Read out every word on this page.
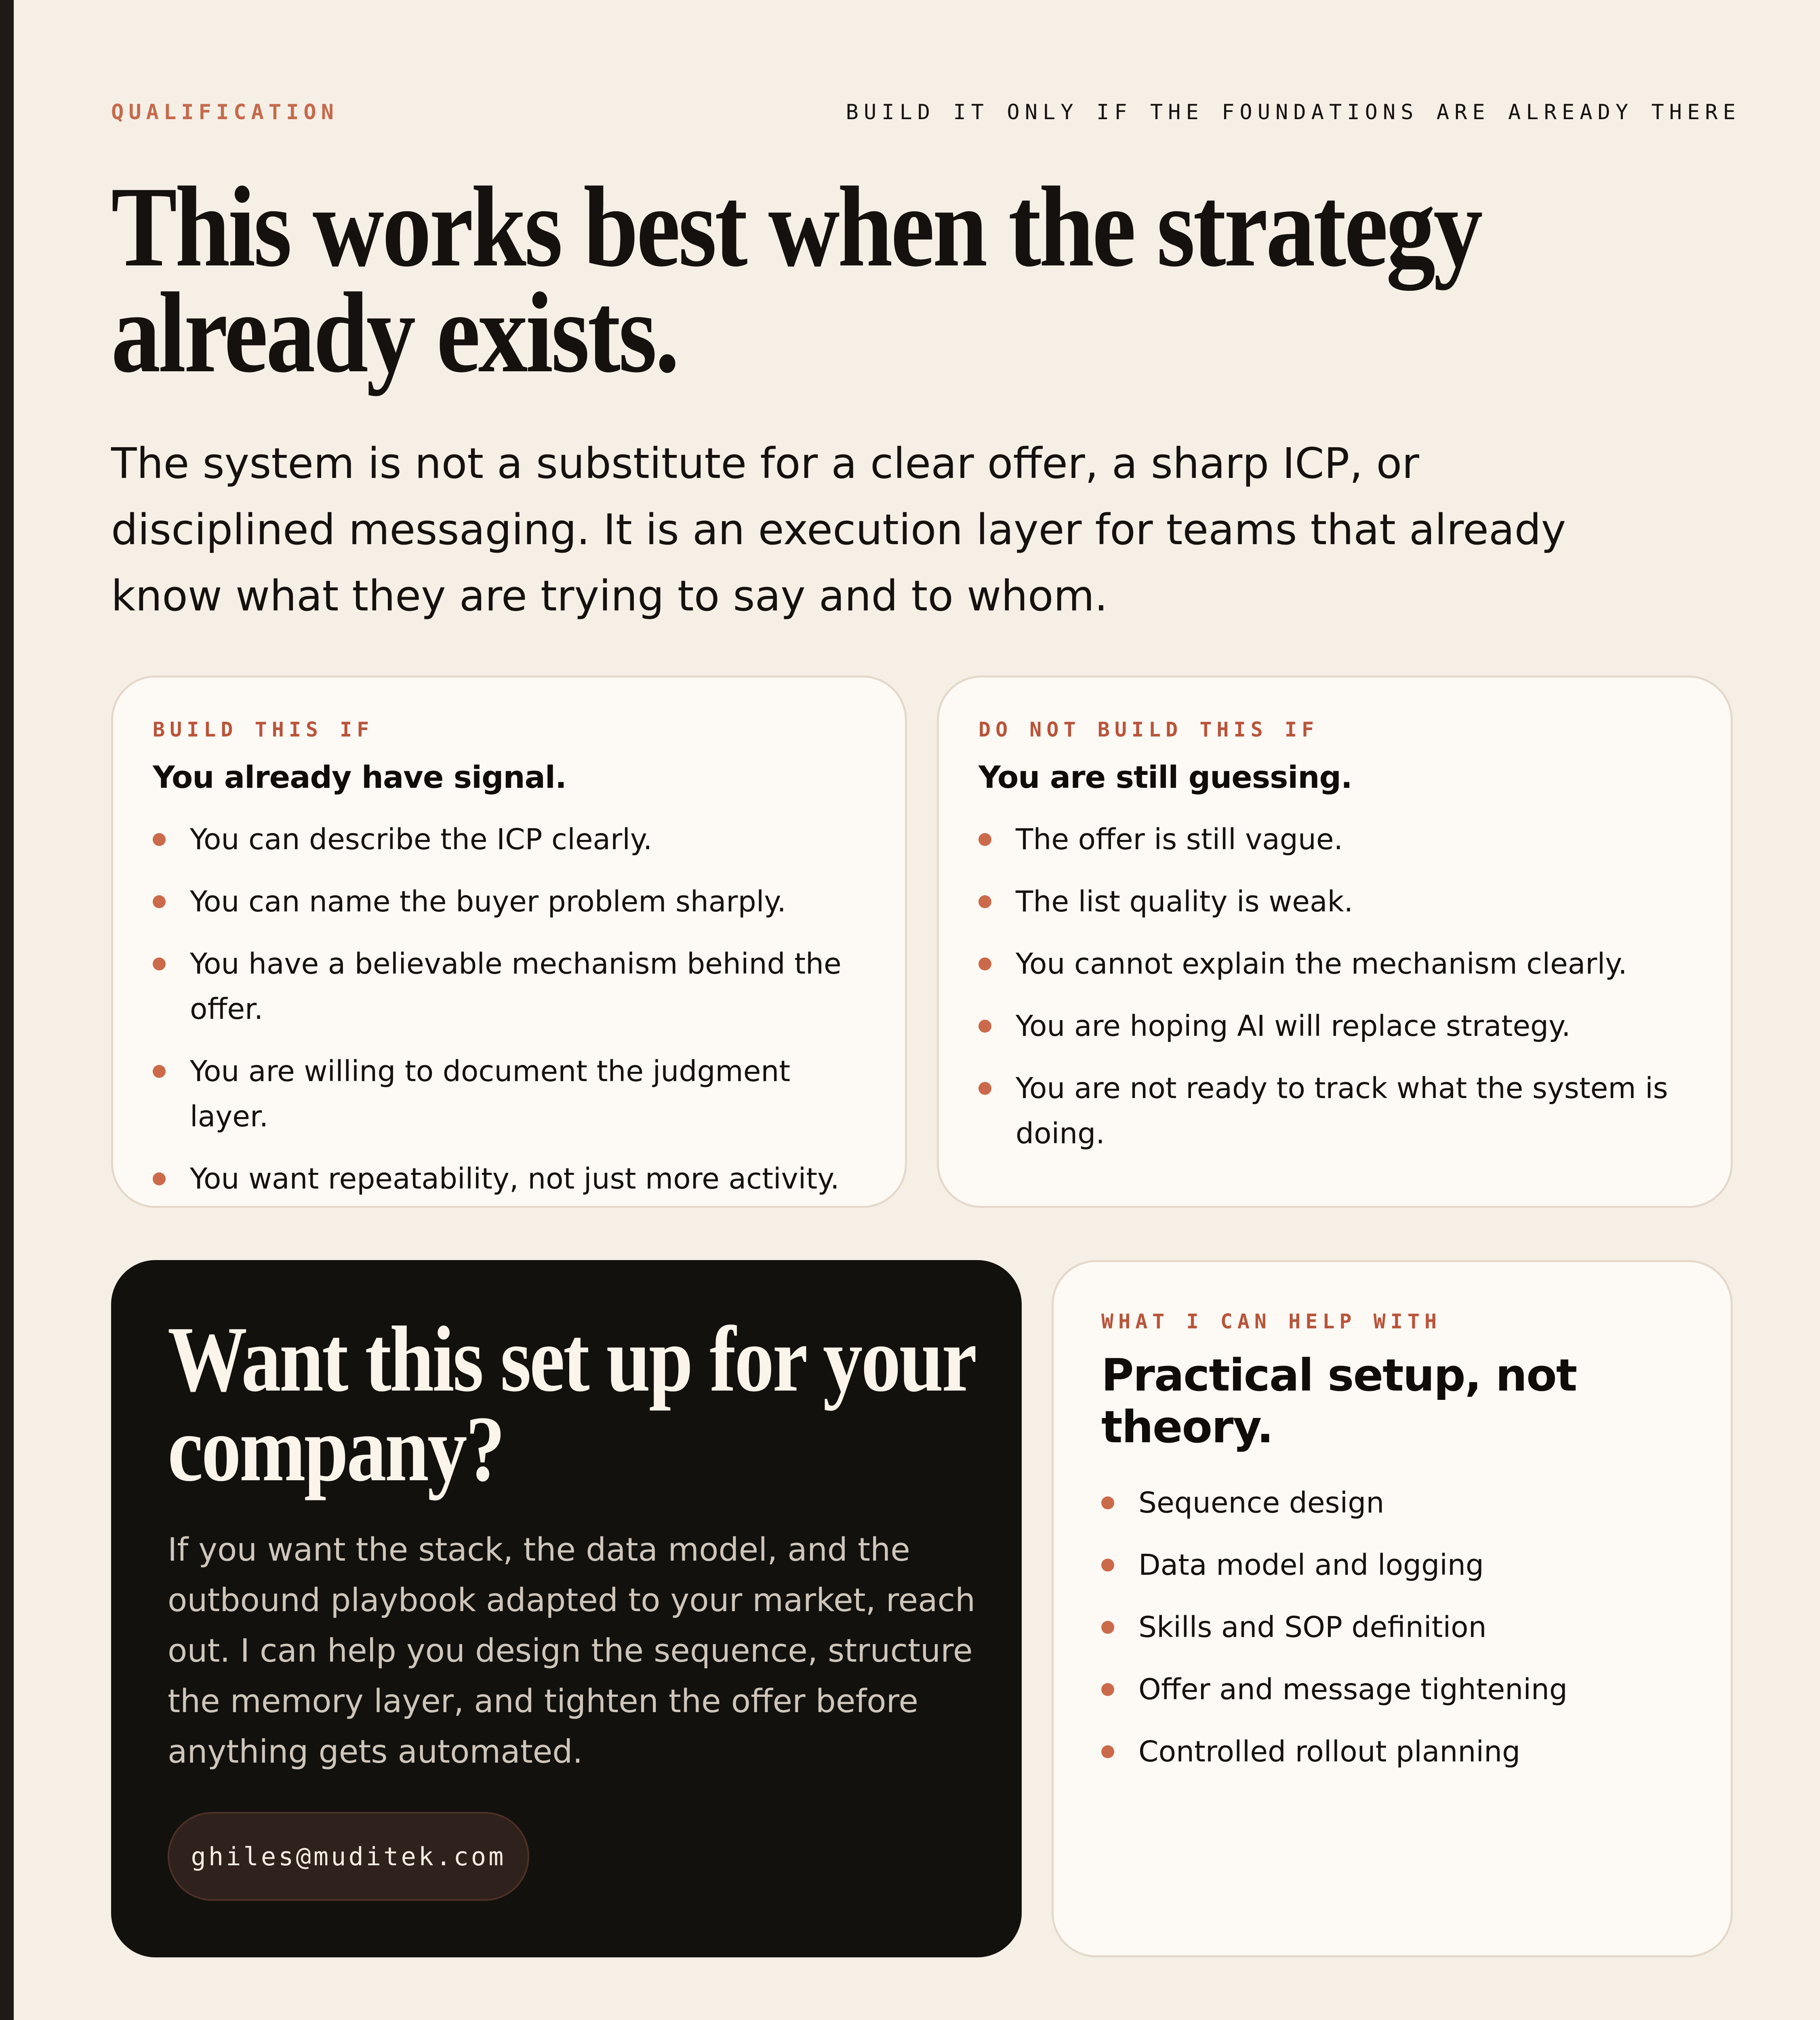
QUALIFICATION	BUILD IT ONLY IF THE FOUNDATIONS ARE ALREADY THERE
This works best when the strategy already exists.

The system is not a substitute for a clear offer, a sharp ICP, or disciplined messaging. It is an execution layer for teams that already know what they are trying to say and to whom.

BUILD THIS IF
You already have signal.
You can describe the ICP clearly.
You can name the buyer problem sharply.
You have a believable mechanism behind the offer.
You are willing to document the judgment layer.
You want repeatability, not just more activity.
DO NOT BUILD THIS IF
You are still guessing.
The offer is still vague.
The list quality is weak.
You cannot explain the mechanism clearly.
You are hoping AI will replace strategy.
You are not ready to track what the system is doing.
Want this set up for your company?

If you want the stack, the data model, and the outbound playbook adapted to your market, reach out. I can help you design the sequence, structure the memory layer, and tighten the offer before anything gets automated.

ghiles@muditek.com
WHAT I CAN HELP WITH
Practical setup, not theory.
Sequence design
Data model and logging
Skills and SOP definition
Offer and message tightening
Controlled rollout planning
